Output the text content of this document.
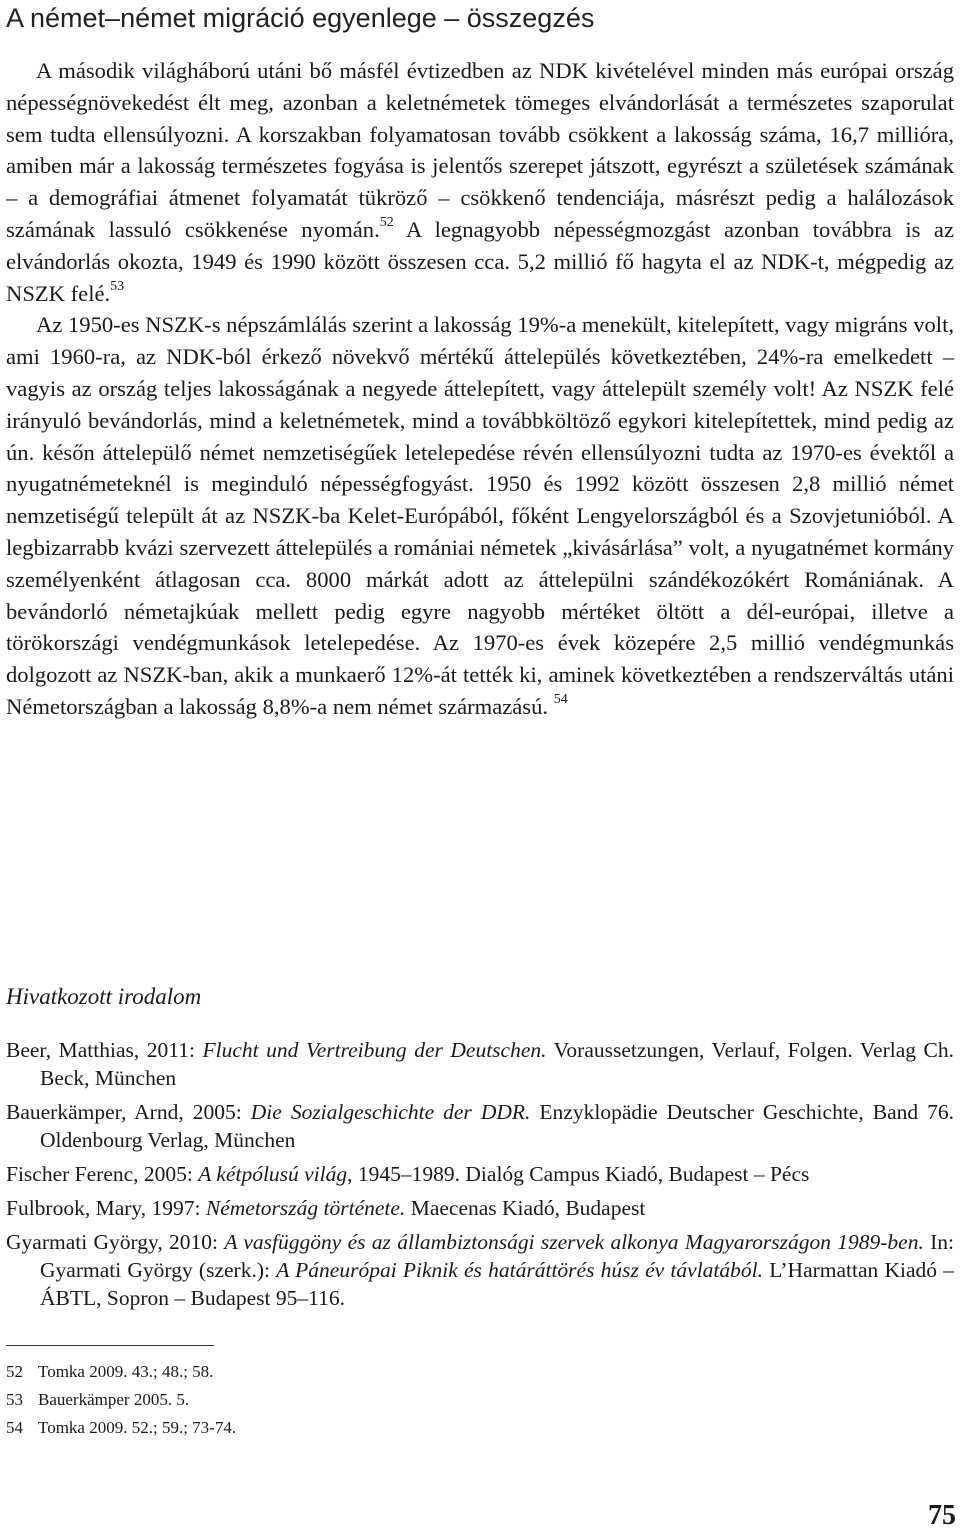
A német–német migráció egyenlege – összegzés

A második világháború utáni bő másfél évtizedben az NDK kivételével minden más európai ország népességnövekedést élt meg, azonban a keletnémetek tömeges elvándorlását a természetes szaporulat sem tudta ellensúlyozni. A korszakban folyamatosan tovább csökkent a lakosság száma, 16,7 millióra, amiben már a lakosság természetes fogyása is jelentős szerepet játszott, egyrészt a születések számának – a demográfiai átmenet folyamatát tükröző – csökkenő tendenciája, másrészt pedig a halálozások számának lassuló csökkenése nyomán.$^{52}$ A legnagyobb népességmozgást azonban továbbra is az elvándorlás okozta, 1949 és 1990 között összesen cca. 5,2 millió fő hagyta el az NDK-t, mégpedig az NSZK felé.$^{53}$

Az 1950-es NSZK-s népszámlálás szerint a lakosság 19%-a menekült, kitelepített, vagy migráns volt, ami 1960-ra, az NDK-ból érkező növekvő mértékű áttelepülés következtében, 24%-ra emelkedett – vagyis az ország teljes lakosságának a negyede áttelepített, vagy áttelepült személy volt! Az NSZK felé irányuló bevándorlás, mind a keletnémetek, mind a továbbköltöző egykori kitelepítettek, mind pedig az ún. későn áttelepülő német nemzetiségűek letelepedése révén ellensúlyozni tudta az 1970-es évektől a nyugatnémeteknél is meginduló népességfogyást. 1950 és 1992 között összesen 2,8 millió német nemzetiségű települt át az NSZK-ba Kelet-Európából, főként Lengyelországból és a Szovjetunióból. A legbizarrabb kvázi szervezett áttelepülés a romániai németek „kivásárlása” volt, a nyugatnémet kormány személyenként átlagosan cca. 8000 márkát adott az áttelepülni szándékozókért Romániának. A bevándorló németajkúak mellett pedig egyre nagyobb mértéket öltött a dél-európai, illetve a törökországi vendégmunkások letelepedése. Az 1970-es évek közepére 2,5 millió vendégmunkás dolgozott az NSZK-ban, akik a munkaerő 12%-át tették ki, aminek következtében a rendszerváltás utáni Németországban a lakosság 8,8%-a nem német származású. $^{54}$

Hivatkozott irodalom

Beer, Matthias, 2011: Flucht und Vertreibung der Deutschen. Voraussetzungen, Verlauf, Folgen. Verlag Ch. Beck, München

Bauerkämper, Arnd, 2005: Die Sozialgeschichte der DDR. Enzyklopädie Deutscher Geschichte, Band 76. Oldenbourg Verlag, München

Fischer Ferenc, 2005: A kétpólusú világ, 1945–1989. Dialóg Campus Kiadó, Budapest – Pécs

Fulbrook, Mary, 1997: Németország története. Maecenas Kiadó, Budapest

Gyarmati György, 2010: A vasfüggöny és az állambiztonsági szervek alkonya Magyarországon 1989-ben. In: Gyarmati György (szerk.): A Páneurópai Piknik és határáttörés húsz év távlatából. L’Harmattan Kiadó – ÁBTL, Sopron – Budapest 95–116.

52 Tomka 2009. 43.; 48.; 58.
53 Bauerkämper 2005. 5.
54 Tomka 2009. 52.; 59.; 73-74.
75
